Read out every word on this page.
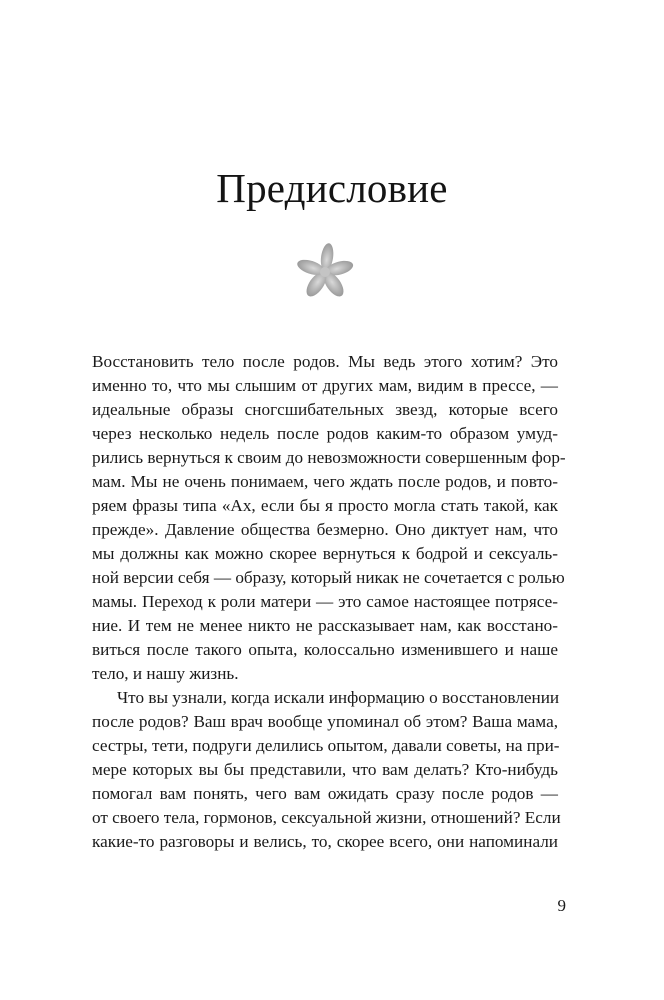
Предисловие
Восстановить тело после родов. Мы ведь этого хотим? Это
именно то, что мы слышим от других мам, видим в прессе, —
идеальные образы сногсшибательных звезд, которые всего
через несколько недель после родов каким-то образом умуд-
рились вернуться к своим до невозможности совершенным фор-
мам. Мы не очень понимаем, чего ждать после родов, и повто-
ряем фразы типа «Ах, если бы я просто могла стать такой, как
прежде». Давление общества безмерно. Оно диктует нам, что
мы должны как можно скорее вернуться к бодрой и сексуаль-
ной версии себя — образу, который никак не сочетается с ролью
мамы. Переход к роли матери — это самое настоящее потрясе-
ние. И тем не менее никто не рассказывает нам, как восстано-
виться после такого опыта, колоссально изменившего и наше
тело, и нашу жизнь.
Что вы узнали, когда искали информацию о восстановлении
после родов? Ваш врач вообще упоминал об этом? Ваша мама,
сестры, тети, подруги делились опытом, давали советы, на при-
мере которых вы бы представили, что вам делать? Кто-нибудь
помогал вам понять, чего вам ожидать сразу после родов —
от своего тела, гормонов, сексуальной жизни, отношений? Если
какие-то разговоры и велись, то, скорее всего, они напоминали
9
